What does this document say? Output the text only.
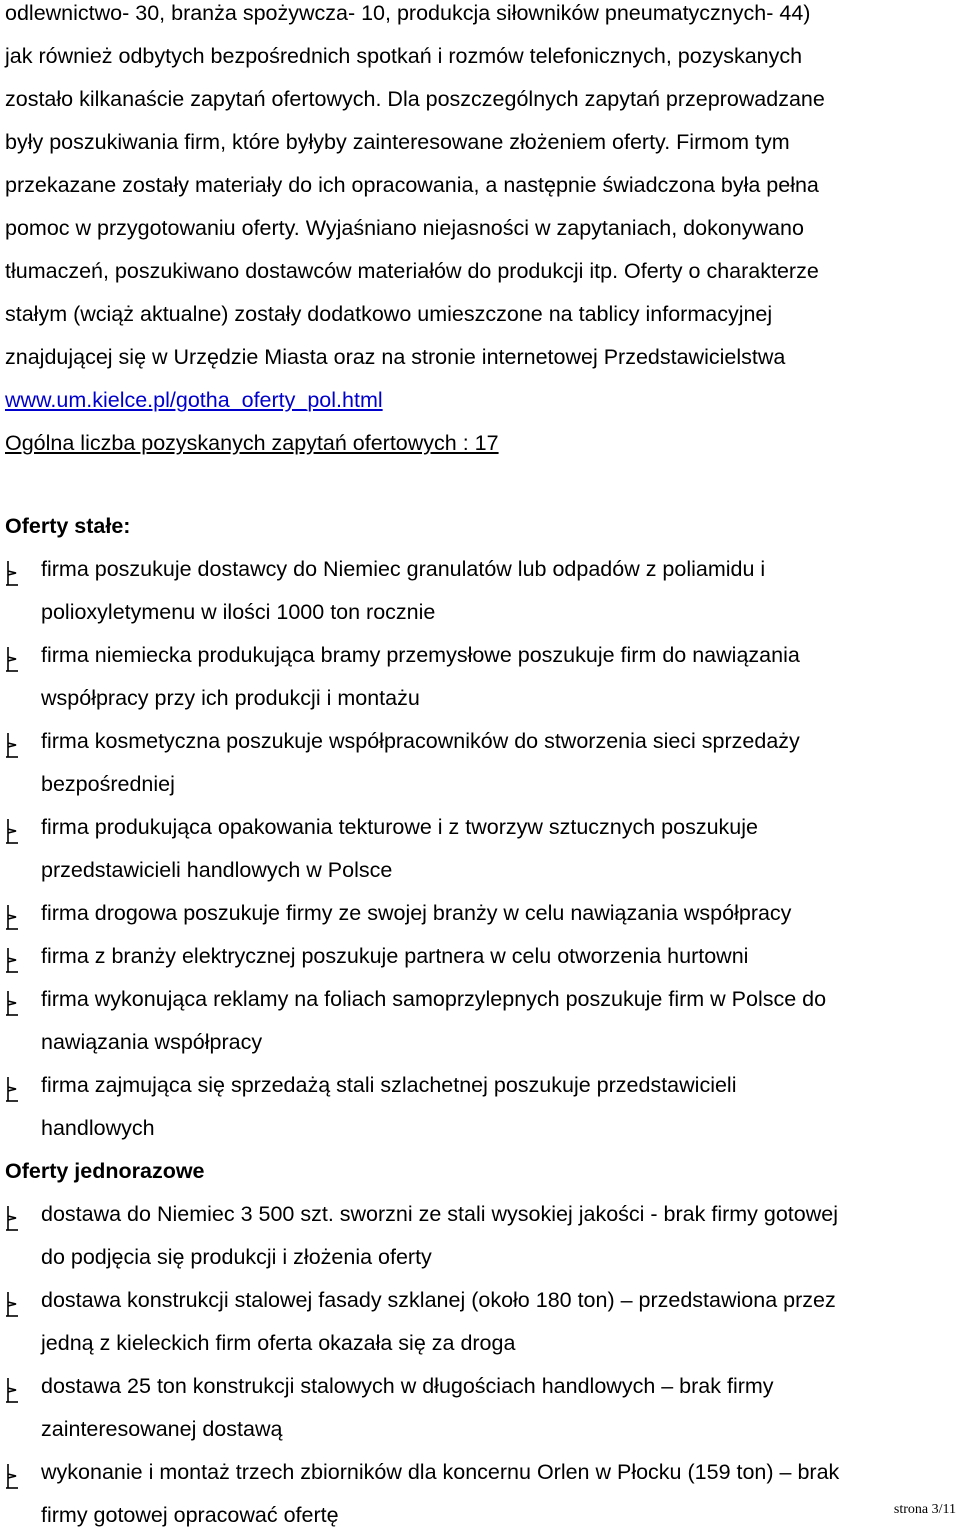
odlewnictwo- 30, branża spożywcza- 10, produkcja siłowników pneumatycznych- 44)
jak również odbytych bezpośrednich spotkań i rozmów telefonicznych, pozyskanych
zostało kilkanaście zapytań ofertowych. Dla poszczególnych zapytań przeprowadzane
były poszukiwania firm, które byłyby zainteresowane złożeniem oferty. Firmom tym
przekazane zostały materiały do ich opracowania, a następnie świadczona była pełna
pomoc w przygotowaniu oferty. Wyjaśniano niejasności w zapytaniach, dokonywano
tłumaczeń, poszukiwano dostawców materiałów do produkcji itp. Oferty o charakterze
stałym (wciąż aktualne) zostały dodatkowo umieszczone na tablicy informacyjnej
znajdującej się w Urzędzie Miasta oraz na stronie internetowej Przedstawicielstwa
www.um.kielce.pl/gotha_oferty_pol.html
Ogólna liczba pozyskanych zapytań ofertowych : 17
Oferty stałe:
firma poszukuje dostawcy do Niemiec granulatów lub odpadów z poliamidu i
polioxyletymenu w ilości 1000 ton rocznie
firma niemiecka produkująca bramy przemysłowe poszukuje firm do nawiązania
współpracy przy ich produkcji i montażu
firma kosmetyczna poszukuje współpracowników do stworzenia sieci sprzedaży
bezpośredniej
firma produkująca opakowania tekturowe i z tworzyw sztucznych poszukuje
przedstawicieli handlowych w Polsce
firma drogowa poszukuje firmy ze swojej branży w celu nawiązania współpracy
firma z branży elektrycznej poszukuje partnera w celu otworzenia hurtowni
firma wykonująca reklamy na foliach samoprzylepnych poszukuje firm w Polsce do
nawiązania współpracy
firma zajmująca się sprzedażą stali szlachetnej poszukuje przedstawicieli
handlowych
Oferty jednorazowe
dostawa do Niemiec 3 500 szt. sworzni ze stali wysokiej jakości - brak firmy gotowej
do podjęcia się produkcji i złożenia oferty
dostawa konstrukcji stalowej fasady szklanej (około 180 ton) – przedstawiona przez
jedną z kieleckich firm oferta okazała się za droga
dostawa 25 ton konstrukcji stalowych w długościach handlowych – brak firmy
zainteresowanej dostawą
wykonanie i montaż trzech zbiorników dla koncernu Orlen w Płocku (159 ton) – brak
firmy gotowej opracować ofertę	strona 3/11
